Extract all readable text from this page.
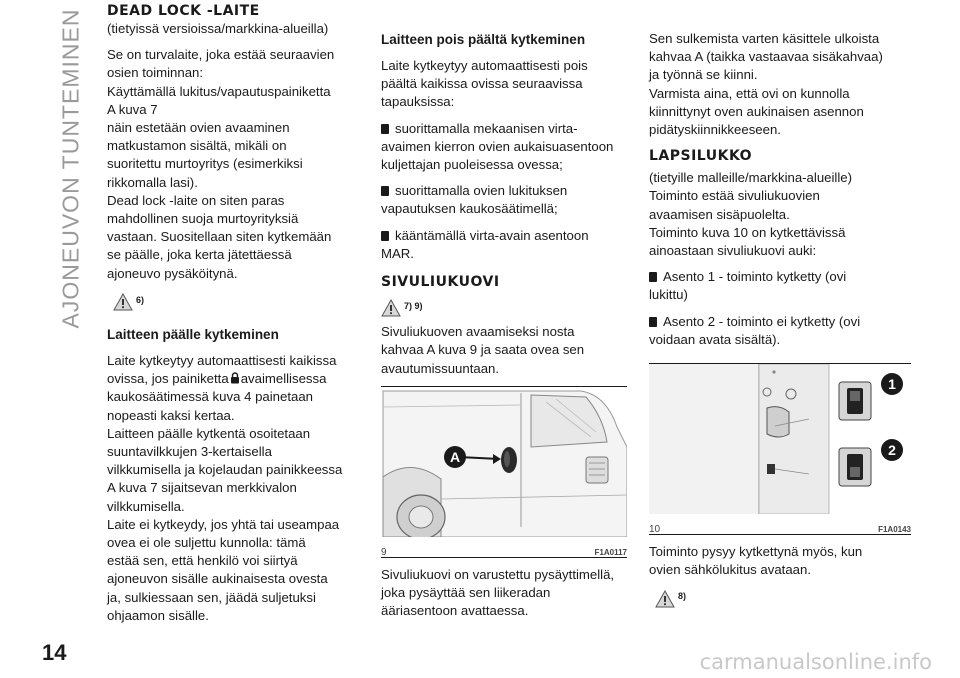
AJONEUVON TUNTEMINEN DEAD LOCK -LAITE

(tietyissä versioissa/markkina-alueilla)

Se on turvalaite, joka estää seuraavien
osien toiminnan:
Käyttämällä lukitus/vapautuspainiketta
A kuva 7
näin estetään ovien avaaminen
matkustamon sisältä, mikäli on
suoritettu murtoyritys (esimerkiksi
rikkomalla lasi).
Dead lock -laite on siten paras
mahdollinen suoja murtoyrityksiä
vastaan. Suositellaan siten kytkemään
se päälle, joka kerta jätettäessä
ajoneuvo pysäköitynä.

6)

Laitteen päälle kytkeminen

Laite kytkeytyy automaattisesti kaikissa
ovissa, jos painiketta avaimellisessa
kaukosäätimessä kuva 4 painetaan
nopeasti kaksi kertaa.
Laitteen päälle kytkentä osoitetaan
suuntavilkkujen 3-kertaisella
vilkkumisella ja kojelaudan painikkeessa
A kuva 7 sijaitsevan merkkivalon
vilkkumisella.
Laite ei kytkeydy, jos yhtä tai useampaa
ovea ei ole suljettu kunnolla: tämä
estää sen, että henkilö voi siirtyä
ajoneuvon sisälle aukinaisesta ovesta
ja, sulkiessaan sen, jäädä suljetuksi
ohjaamon sisälle.

Laitteen pois päältä kytkeminen

Laite kytkeytyy automaattisesti pois
päältä kaikissa ovissa seuraavissa
tapauksissa:

suorittamalla mekaanisen virta-
avaimen kierron ovien aukaisuasentoon
kuljettajan puoleisessa ovessa;

suorittamalla ovien lukituksen
vapautuksen kaukosäätimellä;

kääntämällä virta-avain asentoon
MAR.

SIVULIUKUOVI
7) 9)

Sivuliukuoven avaamiseksi nosta
kahvaa A kuva 9 ja saata ovea sen
avautumissuuntaan.

A
9	F1A0117

Sivuliukuovi on varustettu pysäyttimellä,
joka pysäyttää sen liikeradan
ääriasentoon avattaessa.

Sen sulkemista varten käsittele ulkoista
kahvaa A (taikka vastaavaa sisäkahvaa)
ja työnnä se kiinni.
Varmista aina, että ovi on kunnolla
kiinnittynyt oven aukinaisen asennon
pidätyskiinnikkeeseen.

LAPSILUKKO

(tietyille malleille/markkina-alueille)
Toiminto estää sivuliukuovien
avaamisen sisäpuolelta.
Toiminto kuva 10 on kytkettävissä
ainoastaan sivuliukuovi auki:

Asento 1 - toiminto kytketty (ovi
lukittu)

Asento 2 - toiminto ei kytketty (ovi
voidaan avata sisältä).

1
2
10	F1A0143

Toiminto pysyy kytkettynä myös, kun
ovien sähkölukitus avataan.

8)
14	carmanualsonline.info
